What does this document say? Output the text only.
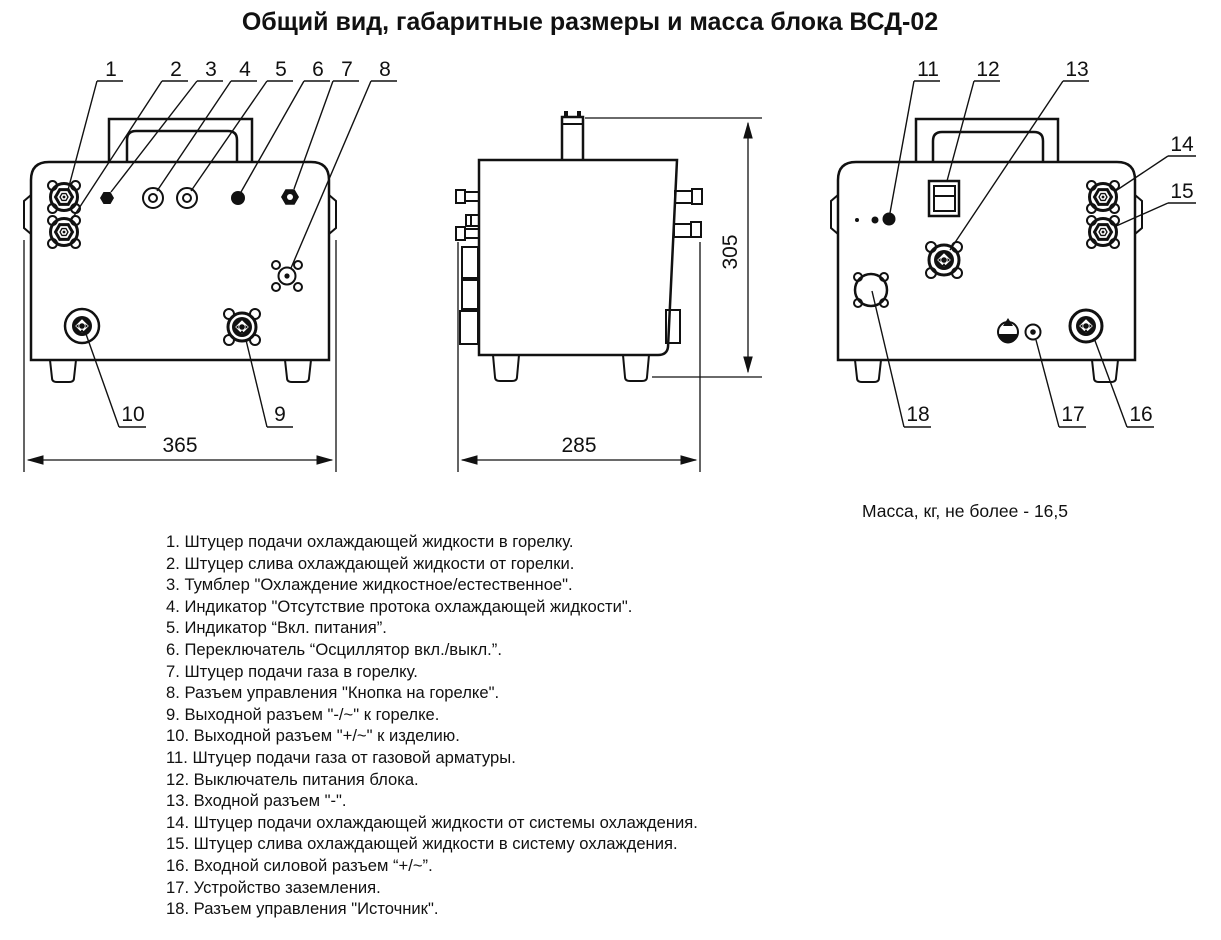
Общий вид, габаритные размеры и масса блока ВСД-02
365
1	2 3 4 5 6 7 8
9
10
305
285
11 12	13
14
15
16
17
18
Масса, кг, не более - 16,5
1. Штуцер подачи охлаждающей жидкости в горелку.
2. Штуцер слива охлаждающей жидкости от горелки.
3. Тумблер "Охлаждение жидкостное/естественное".
4. Индикатор "Отсутствие протока охлаждающей жидкости".
5. Индикатор “Вкл. питания”.
6. Переключатель “Осциллятор вкл./выкл.”.
7. Штуцер подачи газа в горелку.
8. Разъем управления "Кнопка на горелке".
9. Выходной разъем "-/~" к горелке.
10. Выходной разъем "+/~" к изделию.
11. Штуцер подачи газа от газовой арматуры.
12. Выключатель питания блока.
13. Входной разъем "-".
14. Штуцер подачи охлаждающей жидкости от системы охлаждения.
15. Штуцер слива охлаждающей жидкости в систему охлаждения.
16. Входной силовой разъем “+/~”.
17. Устройство заземления.
18. Разъем управления "Источник".
